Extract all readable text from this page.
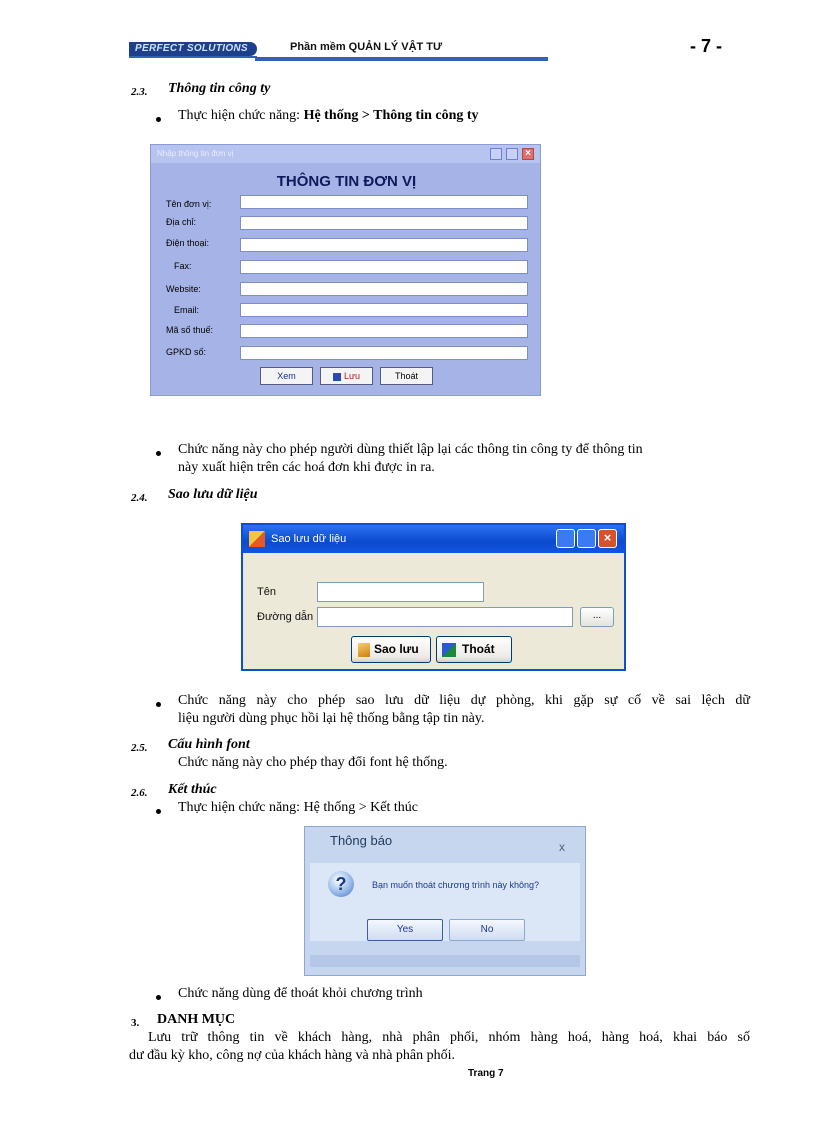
PERFECT SOLUTIONS	Phần mềm QUẢN LÝ VẬT TƯ	- 7 -
2.3. Thông tin công ty
Thực hiện chức năng: Hệ thống > Thông tin công ty
Nhập thông tin đơn vị	×
THÔNG TIN ĐƠN VỊ
Tên đơn vị:
Địa chỉ:
Điện thoại:
Fax:
Website:
Email:
Mã số thuế:
GPKD số:
Xem	Lưu	Thoát
Chức năng này cho phép người dùng thiết lập lại các thông tin công ty để thông tin
này xuất hiện trên các hoá đơn khi được in ra.
2.4. Sao lưu dữ liệu
Sao lưu dữ liệu	×
Tên
Đường dẫn	...
Sao lưu	Thoát
Chức năng này cho phép sao lưu dữ liệu dự phòng, khi gặp sự cố về sai lệch dữ
liệu người dùng phục hồi lại hệ thống bằng tập tin này.
2.5. Cấu hình font
Chức năng này cho phép thay đổi font hệ thống.
2.6. Kết thúc
Thực hiện chức năng: Hệ thống > Kết thúc
Thông báo	x
?	Bạn muốn thoát chương trình này không?
Yes	No
Chức năng dùng để thoát khỏi chương trình
3. DANH MỤC
Lưu trữ thông tin về khách hàng, nhà phân phối, nhóm hàng hoá, hàng hoá, khai báo số
dư đầu kỳ kho, công nợ của khách hàng và nhà phân phối.
Trang 7
